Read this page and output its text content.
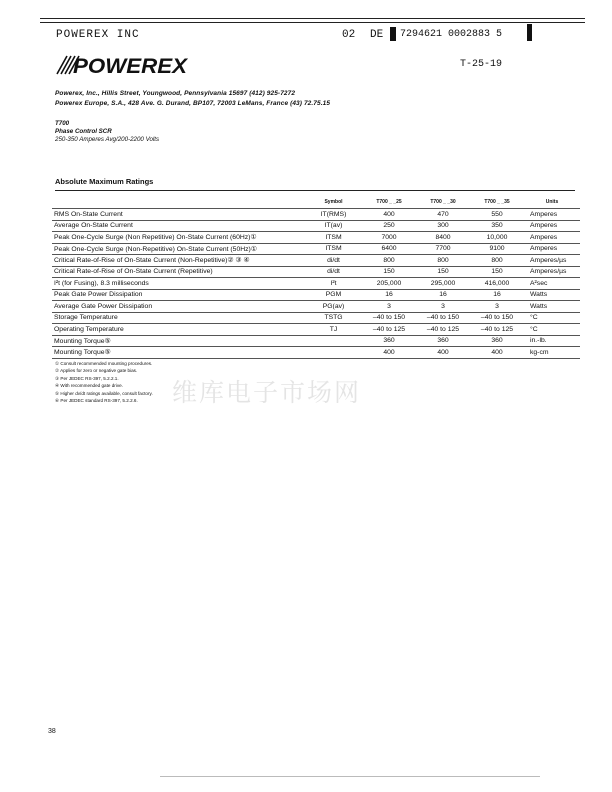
POWEREX INC	02 DE 7294621 0002883 5
T-25-19
POWEREX
Powerex, Inc., Hillis Street, Youngwood, Pennsylvania 15697 (412) 925-7272
Powerex Europe, S.A., 428 Ave. G. Durand, BP107, 72003 LeMans, France (43) 72.75.15
T700
Phase Control SCR
250-350 Amperes Avg/200-2200 Volts
Absolute Maximum Ratings
	Symbol	T700 _ _25	T700 _ _30	T700 _ _35	Units
RMS On-State Current	IT(RMS)	400	470	550	Amperes
Average On-State Current	IT(av)	250	300	350	Amperes
Peak One-Cycle Surge (Non Repetitive) On-State Current (60Hz)①	ITSM	7000	8400	10,000	Amperes
Peak One-Cycle Surge (Non-Repetitive) On-State Current (50Hz)①	ITSM	6400	7700	9100	Amperes
Critical Rate-of-Rise of On-State Current (Non-Repetitive)② ③ ④	di/dt	800	800	800	Amperes/µs
Critical Rate-of-Rise of On-State Current (Repetitive)	di/dt	150	150	150	Amperes/µs
I²t (for Fusing), 8.3 milliseconds	I²t	205,000	295,000	416,000	A²sec
Peak Gate Power Dissipation	PGM	16	16	16	Watts
Average Gate Power Dissipation	PG(av)	3	3	3	Watts
Storage Temperature	TSTG	–40 to 150	–40 to 150	–40 to 150	°C
Operating Temperature	TJ	–40 to 125	–40 to 125	–40 to 125	°C
Mounting Torque⑤		360	360	360	in.-lb.
Mounting Torque⑤		400	400	400	kg-cm
① Consult recommended mounting procedures.
② Applies for zero or negative gate bias.
③ Per JEDEC RS-397, 5.2.2.1.
④ With recommended gate drive.
⑤ Higher dv/dt ratings available, consult factory.
⑥ Per JEDEC standard RS-397, 5.2.2.6.	维库电子市场网
38
